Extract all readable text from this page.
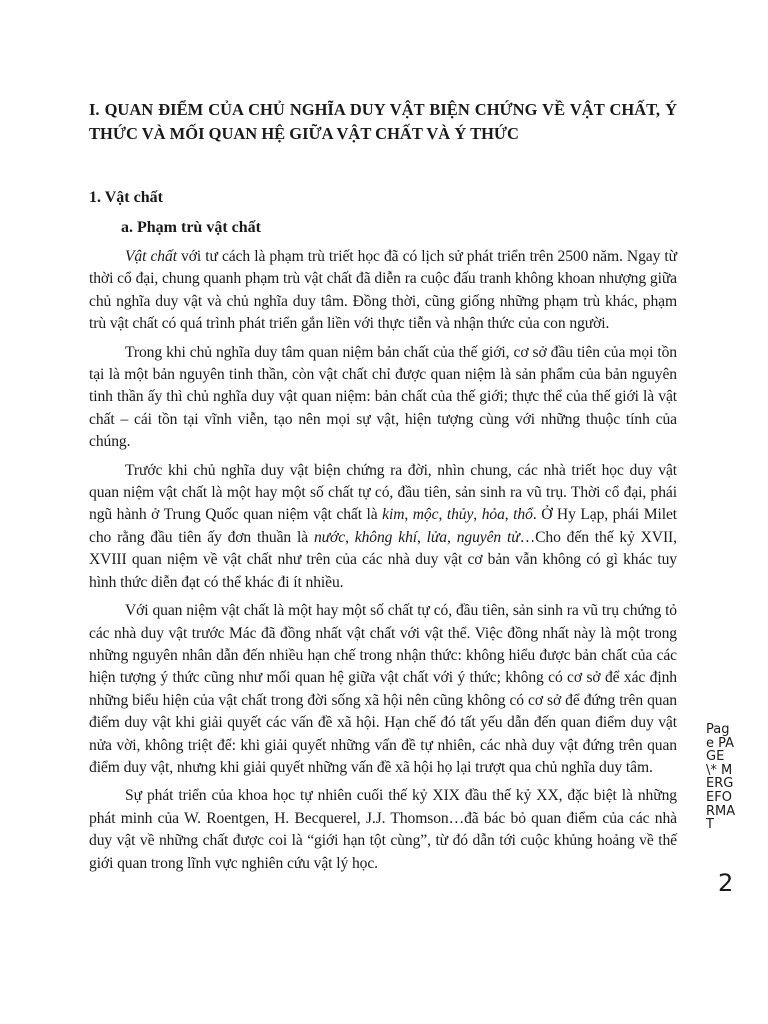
I. QUAN ĐIỂM CỦA CHỦ NGHĨA DUY VẬT BIỆN CHỨNG VỀ VẬT CHẤT, Ý THỨC VÀ MỐI QUAN HỆ GIỮA VẬT CHẤT VÀ Ý THỨC
1. Vật chất
a. Phạm trù vật chất

Vật chất với tư cách là phạm trù triết học đã có lịch sử phát triển trên 2500 năm. Ngay từ thời cổ đại, chung quanh phạm trù vật chất đã diễn ra cuộc đấu tranh không khoan nhượng giữa chủ nghĩa duy vật và chủ nghĩa duy tâm. Đồng thời, cũng giống những phạm trù khác, phạm trù vật chất có quá trình phát triển gắn liền với thực tiễn và nhận thức của con người.

Trong khi chủ nghĩa duy tâm quan niệm bản chất của thế giới, cơ sở đầu tiên của mọi tồn tại là một bản nguyên tinh thần, còn vật chất chỉ được quan niệm là sản phẩm của bản nguyên tinh thần ấy thì chủ nghĩa duy vật quan niệm: bản chất của thế giới; thực thể của thế giới là vật chất – cái tồn tại vĩnh viễn, tạo nên mọi sự vật, hiện tượng cùng với những thuộc tính của chúng.

Trước khi chủ nghĩa duy vật biện chứng ra đời, nhìn chung, các nhà triết học duy vật quan niệm vật chất là một hay một số chất tự có, đầu tiên, sản sinh ra vũ trụ. Thời cổ đại, phái ngũ hành ở Trung Quốc quan niệm vật chất là kim, mộc, thủy, hỏa, thổ. Ở Hy Lạp, phái Milet cho rằng đầu tiên ấy đơn thuần là nước, không khí, lửa, nguyên tử…Cho đến thế kỷ XVII, XVIII quan niệm về vật chất như trên của các nhà duy vật cơ bản vẫn không có gì khác tuy hình thức diễn đạt có thể khác đi ít nhiều.

Với quan niệm vật chất là một hay một số chất tự có, đầu tiên, sản sinh ra vũ trụ chứng tỏ các nhà duy vật trước Mác đã đồng nhất vật chất với vật thể. Việc đồng nhất này là một trong những nguyên nhân dẫn đến nhiều hạn chế trong nhận thức: không hiểu được bản chất của các hiện tượng ý thức cũng như mối quan hệ giữa vật chất với ý thức; không có cơ sở để xác định những biểu hiện của vật chất trong đời sống xã hội nên cũng không có cơ sở để đứng trên quan điểm duy vật khi giải quyết các vấn đề xã hội. Hạn chế đó tất yếu dẫn đến quan điểm duy vật nửa vời, không triệt để: khi giải quyết những vấn đề tự nhiên, các nhà duy vật đứng trên quan điểm duy vật, nhưng khi giải quyết những vấn đề xã hội họ lại trượt qua chủ nghĩa duy tâm.

Sự phát triển của khoa học tự nhiên cuối thế kỷ XIX đầu thế kỷ XX, đặc biệt là những phát minh của W. Roentgen, H. Becquerel, J.J. Thomson…đã bác bỏ quan điểm của các nhà duy vật về những chất được coi là “giới hạn tột cùng”, từ đó dẫn tới cuộc khủng hoảng về thế giới quan trong lĩnh vực nghiên cứu vật lý học.

Page PAGE \* MERGEFORMAT
2
